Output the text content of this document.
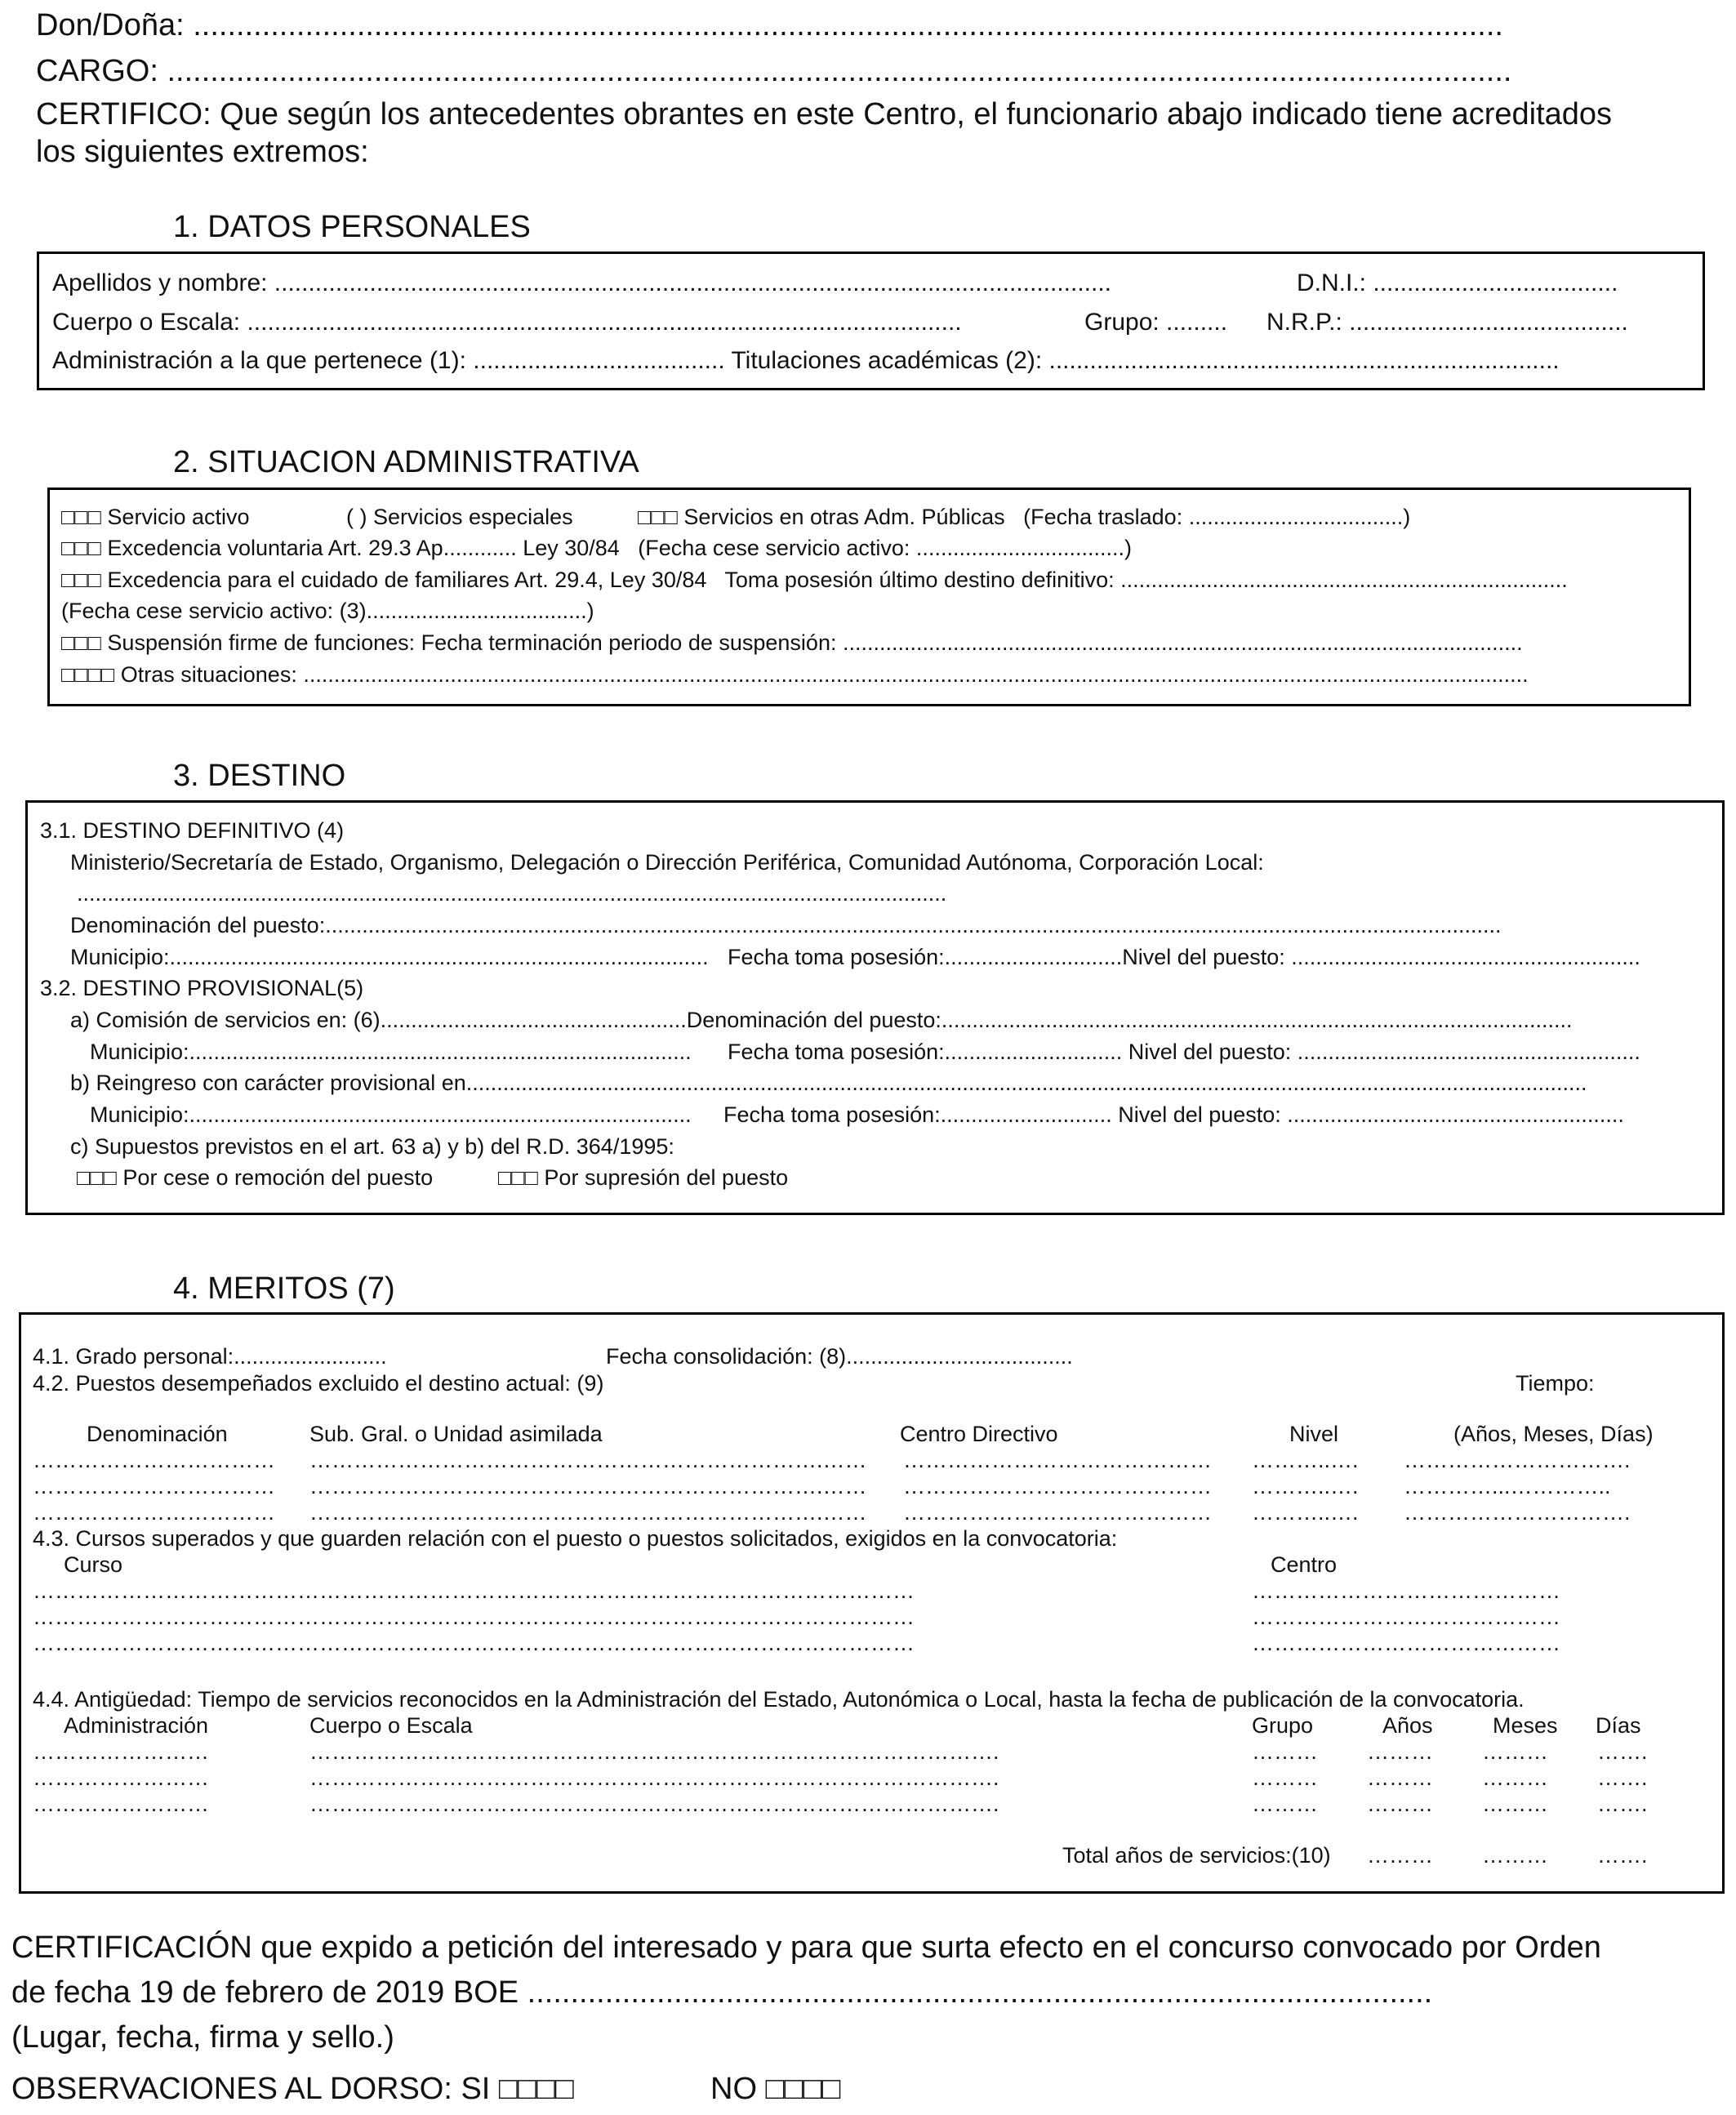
Don/Doña: ........................................................................................................................................................
CARGO: ............................................................................................................................................................
CERTIFICO: Que según los antecedentes obrantes en este Centro, el funcionario abajo indicado tiene acreditados
los siguientes extremos:
1. DATOS PERSONALES
Apellidos y nombre: ...........................................................................................................................	D.N.I.: ....................................
Cuerpo o Escala: .........................................................................................................	Grupo: ......... N.R.P.: .........................................
Administración a la que pertenece (1): ..................................... Titulaciones académicas (2): ...........................................................................
2. SITUACION ADMINISTRATIVA
□□□ Servicio activo	( ) Servicios especiales	□□□ Servicios en otras Adm. Públicas   (Fecha traslado: ...................................)
□□□ Excedencia voluntaria Art. 29.3 Ap............ Ley 30/84   (Fecha cese servicio activo: ..................................)
□□□ Excedencia para el cuidado de familiares Art. 29.4, Ley 30/84   Toma posesión último destino definitivo: .........................................................................
(Fecha cese servicio activo: (3)....................................)
□□□ Suspensión firme de funciones: Fecha terminación periodo de suspensión: ...............................................................................................................
□□□□ Otras situaciones: ........................................................................................................................................................................................................
3. DESTINO
3.1. DESTINO DEFINITIVO (4)
Ministerio/Secretaría de Estado, Organismo, Delegación o Dirección Periférica, Comunidad Autónoma, Corporación Local:
..............................................................................................................................................
Denominación del puesto:................................................................................................................................................................................................
Municipio:........................................................................................ Fecha toma posesión:.............................Nivel del puesto: .........................................................
3.2. DESTINO PROVISIONAL(5)
a) Comisión de servicios en: (6)..................................................Denominación del puesto:.......................................................................................................
Municipio:.................................................................................. Fecha toma posesión:............................. Nivel del puesto: ........................................................
b) Reingreso con carácter provisional en.......................................................................................................................................................................................
Municipio:.................................................................................. Fecha toma posesión:............................ Nivel del puesto: .......................................................
c) Supuestos previstos en el art. 63 a) y b) del R.D. 364/1995:
□□□ Por cese o remoción del puesto	□□□ Por supresión del puesto
4. MERITOS (7)
4.1. Grado personal:.........................	Fecha consolidación: (8).....................................
4.2. Puestos desempeñados excluido el destino actual: (9)	Tiempo:
Denominación	Sub. Gral. o Unidad asimilada	Centro Directivo	Nivel	(Años, Meses, Días)
…………………………… …………………………………………………………….…… …………………………………… ………..…. ………………………….
…………………………… …………………………………………………………….…… …………………………………… ………..…. …………...…………..
…………………………… …………………………………………………………….…… …………………………………… ………..…. ………………………….
4.3. Cursos superados y que guarden relación con el puesto o puestos solicitados, exigidos en la convocatoria:
Curso	Centro
…………………………………………………………………………………………………………	……………………………………
…………………………………………………………………………………………………………	……………………………………
…………………………………………………………………………………………………………	……………………………………
4.4. Antigüedad: Tiempo de servicios reconocidos en la Administración del Estado, Autonómica o Local, hasta la fecha de publicación de la convocatoria.
Administración	Cuerpo o Escala	Grupo	Años	Meses Días
……………………	………………………………………………………………………………….	……… ……… ……… …….
……………………	………………………………………………………………………………….	……… ……… ……… …….
……………………	………………………………………………………………………………….	……… ……… ……… …….
Total años de servicios:(10) ……… ……… …….
CERTIFICACIÓN que expido a petición del interesado y para que surta efecto en el concurso convocado por Orden
de fecha 19 de febrero de 2019 BOE .........................................................................................................
(Lugar, fecha, firma y sello.)
OBSERVACIONES AL DORSO: SI □□□□	NO □□□□
